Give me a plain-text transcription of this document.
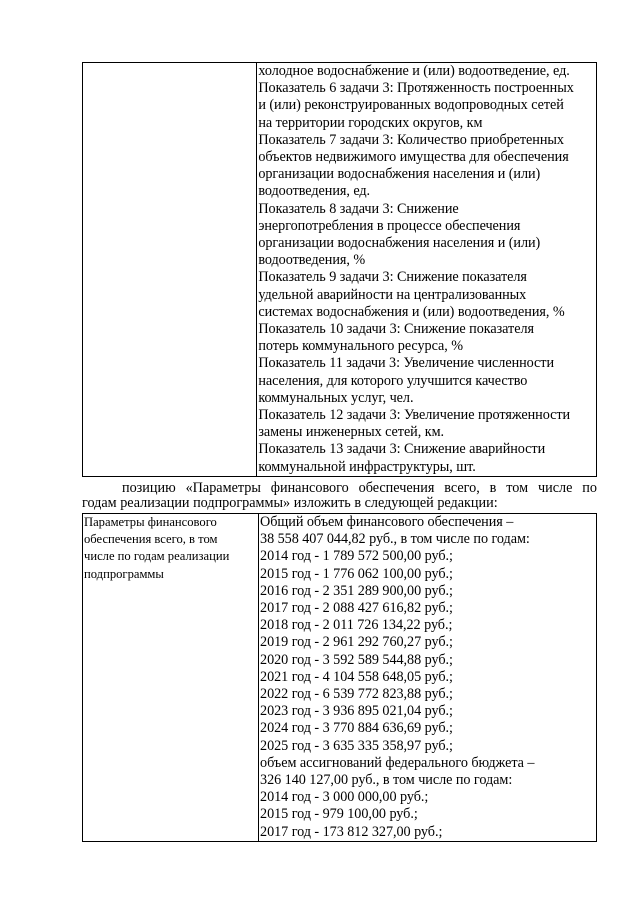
холодное водоснабжение и (или) водоотведение, ед.
Показатель 6 задачи 3: Протяженность построенных
и (или) реконструированных водопроводных сетей
на территории городских округов, км
Показатель 7 задачи 3: Количество приобретенных
объектов недвижимого имущества для обеспечения
организации водоснабжения населения и (или)
водоотведения, ед.
Показатель 8 задачи 3: Снижение
энергопотребления в процессе обеспечения
организации водоснабжения населения и (или)
водоотведения, %
Показатель 9 задачи 3: Снижение показателя
удельной аварийности на централизованных
системах водоснабжения и (или) водоотведения, %
Показатель 10 задачи 3: Снижение показателя
потерь коммунального ресурса, %
Показатель 11 задачи 3: Увеличение численности
населения, для которого улучшится качество
коммунальных услуг, чел.
Показатель 12 задачи 3: Увеличение протяженности
замены инженерных сетей, км.
Показатель 13 задачи 3: Снижение аварийности
коммунальной инфраструктуры, шт.
позицию «Параметры финансового обеспечения всего, в том числе по
годам реализации подпрограммы» изложить в следующей редакции:
Параметры финансового
обеспечения всего, в том
числе по годам реализации
подпрограммы

Общий объем финансового обеспечения –
38 558 407 044,82 руб., в том числе по годам:
2014 год - 1 789 572 500,00 руб.;
2015 год - 1 776 062 100,00 руб.;
2016 год - 2 351 289 900,00 руб.;
2017 год - 2 088 427 616,82 руб.;
2018 год - 2 011 726 134,22 руб.;
2019 год - 2 961 292 760,27 руб.;
2020 год - 3 592 589 544,88 руб.;
2021 год - 4 104 558 648,05 руб.;
2022 год - 6 539 772 823,88 руб.;
2023 год - 3 936 895 021,04 руб.;
2024 год - 3 770 884 636,69 руб.;
2025 год - 3 635 335 358,97 руб.;
объем ассигнований федерального бюджета –
326 140 127,00 руб., в том числе по годам:
2014 год - 3 000 000,00 руб.;
2015 год - 979 100,00 руб.;
2017 год - 173 812 327,00 руб.;
